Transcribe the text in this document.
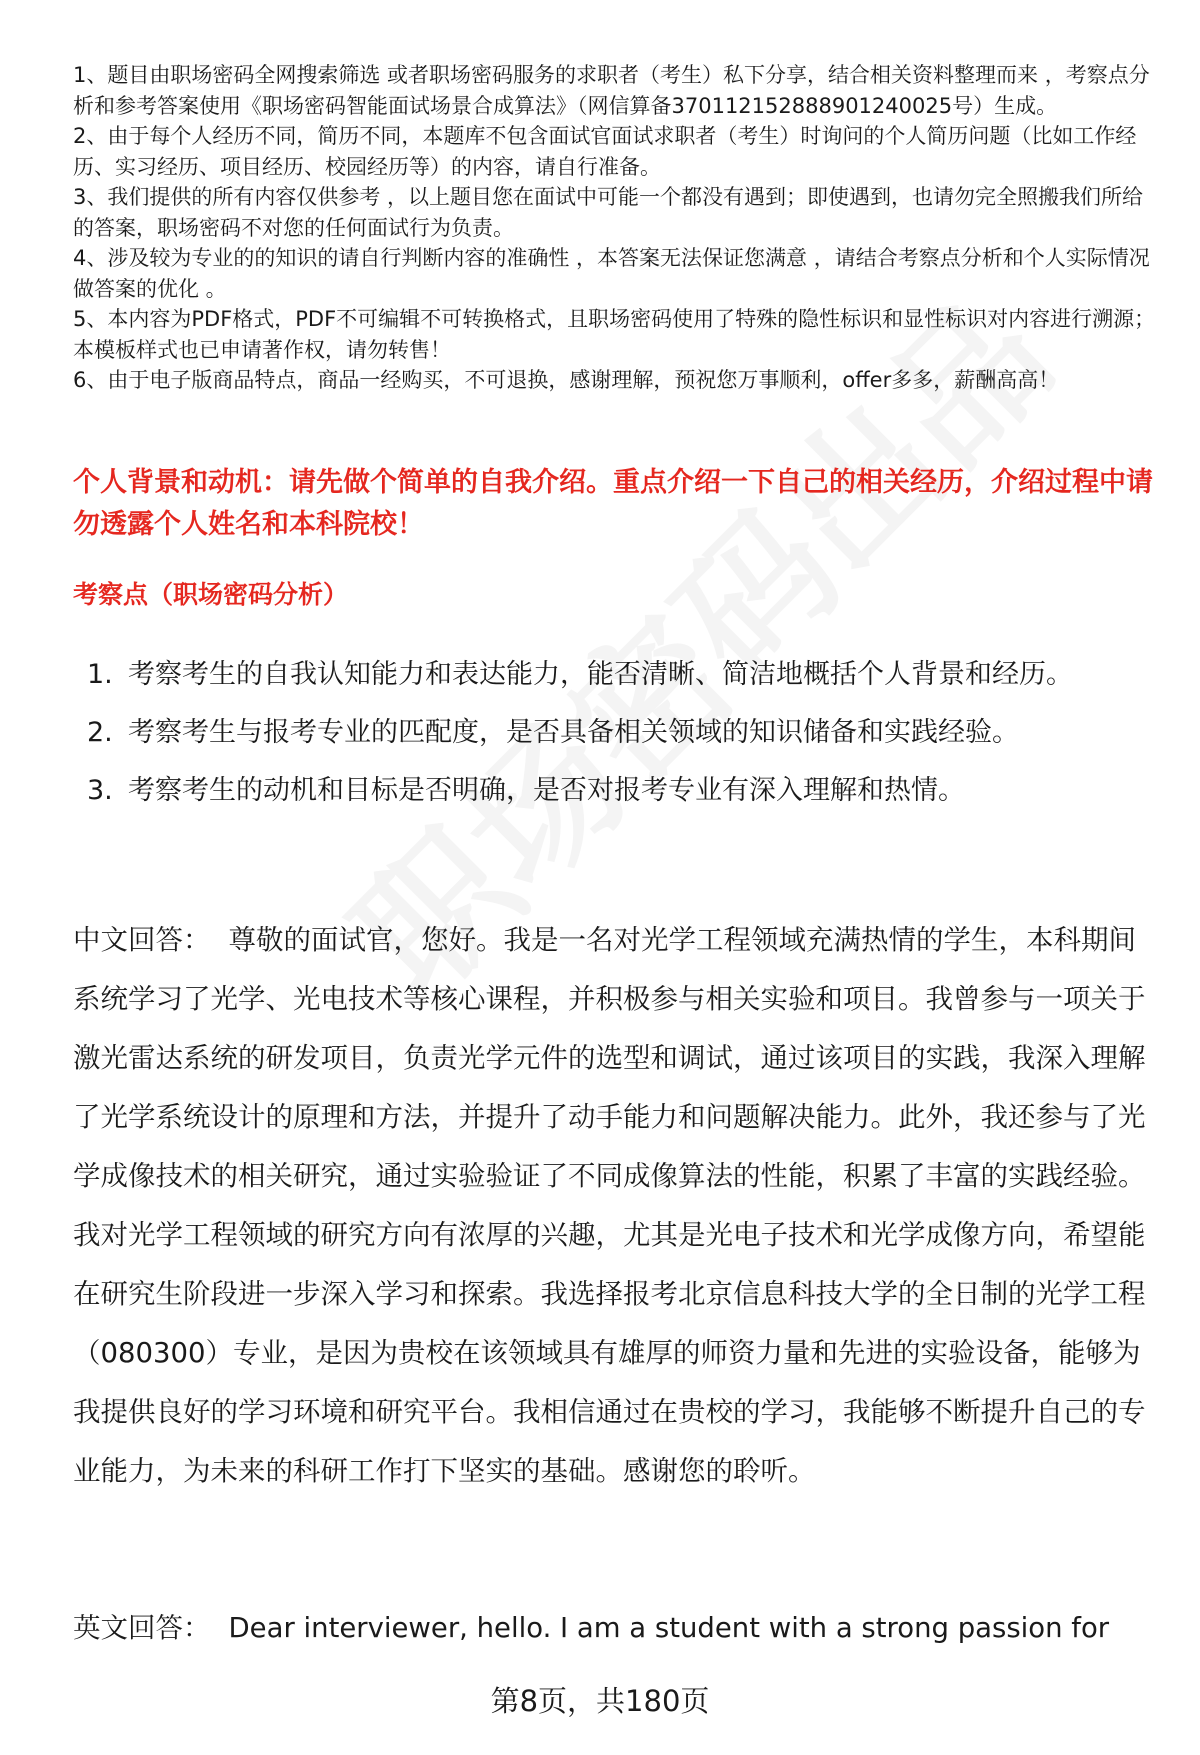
1、题目由职场密码全网搜索筛选 或者职场密码服务的求职者（考生）私下分享，结合相关资料整理而来 ，考察点分析和参考答案使用《职场密码智能面试场景合成算法》（网信算备370112152888901240025号）生成。

2、由于每个人经历不同，简历不同，本题库不包含面试官面试求职者（考生）时询问的个人简历问题（比如工作经历、实习经历、项目经历、校园经历等）的内容，请自行准备。

3、我们提供的所有内容仅供参考 ，以上题目您在面试中可能一个都没有遇到；即使遇到，也请勿完全照搬我们所给的答案，职场密码不对您的任何面试行为负责。

4、涉及较为专业的的知识的请自行判断内容的准确性 ，本答案无法保证您满意 ，请结合考察点分析和个人实际情况做答案的优化 。

5、本内容为PDF格式，PDF不可编辑不可转换格式，且职场密码使用了特殊的隐性标识和显性标识对内容进行溯源；本模板样式也已申请著作权，请勿转售！

6、由于电子版商品特点，商品一经购买，不可退换，感谢理解，预祝您万事顺利，offer多多，薪酬高高！

个人背景和动机：请先做个简单的自我介绍。重点介绍一下自己的相关经历，介绍过程中请勿透露个人姓名和本科院校！
考察点（职场密码分析）
1. 考察考生的自我认知能力和表达能力，能否清晰、简洁地概括个人背景和经历。
2. 考察考生与报考专业的匹配度，是否具备相关领域的知识储备和实践经验。
3. 考察考生的动机和目标是否明确，是否对报考专业有深入理解和热情。

中文回答： 尊敬的面试官，您好。我是一名对光学工程领域充满热情的学生，本科期间系统学习了光学、光电技术等核心课程，并积极参与相关实验和项目。我曾参与一项关于激光雷达系统的研发项目，负责光学元件的选型和调试，通过该项目的实践，我深入理解了光学系统设计的原理和方法，并提升了动手能力和问题解决能力。此外，我还参与了光学成像技术的相关研究，通过实验验证了不同成像算法的性能，积累了丰富的实践经验。我对光学工程领域的研究方向有浓厚的兴趣，尤其是光电子技术和光学成像方向，希望能在研究生阶段进一步深入学习和探索。我选择报考北京信息科技大学的全日制的光学工程（080300）专业，是因为贵校在该领域具有雄厚的师资力量和先进的实验设备，能够为我提供良好的学习环境和研究平台。我相信通过在贵校的学习，我能够不断提升自己的专业能力，为未来的科研工作打下坚实的基础。感谢您的聆听。

英文回答： Dear interviewer, hello. I am a student with a strong passion for

第8页，共180页
